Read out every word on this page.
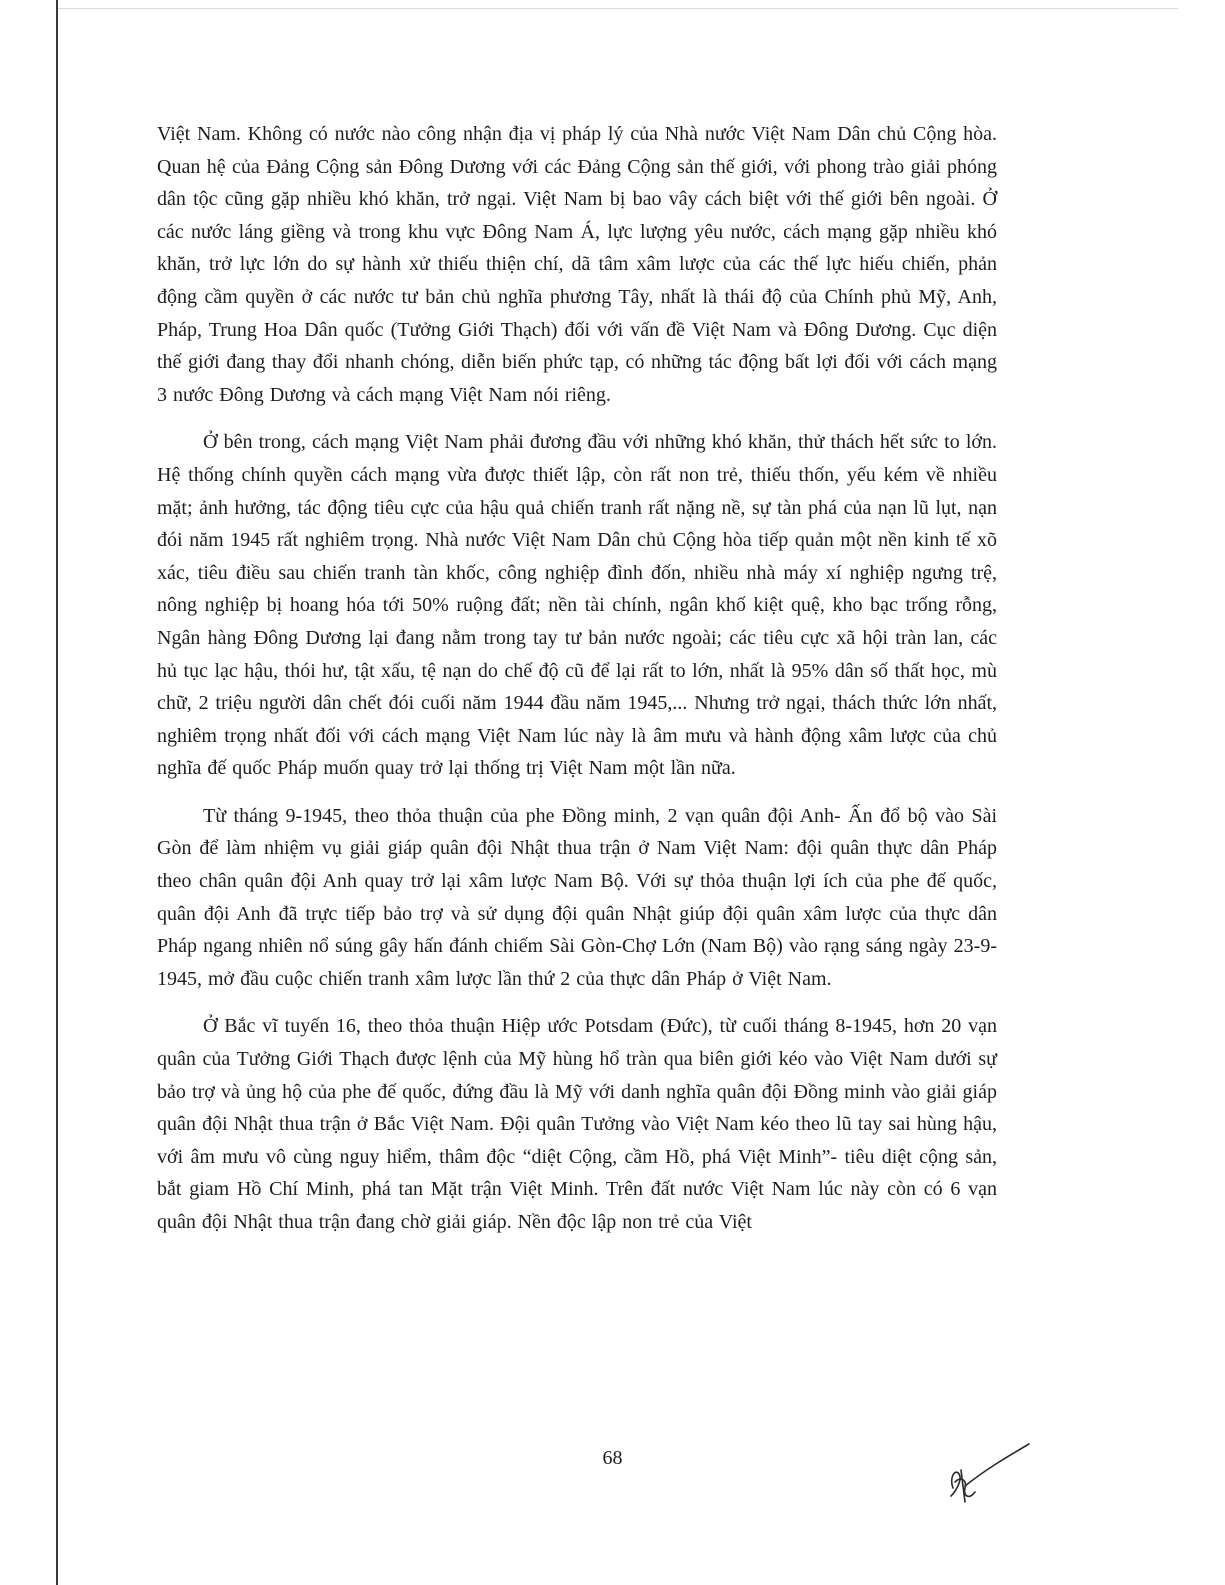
Việt Nam. Không có nước nào công nhận địa vị pháp lý của Nhà nước Việt Nam Dân chủ Cộng hòa. Quan hệ của Đảng Cộng sản Đông Dương với các Đảng Cộng sản thế giới, với phong trào giải phóng dân tộc cũng gặp nhiều khó khăn, trở ngại. Việt Nam bị bao vây cách biệt với thế giới bên ngoài. Ở các nước láng giềng và trong khu vực Đông Nam Á, lực lượng yêu nước, cách mạng gặp nhiều khó khăn, trở lực lớn do sự hành xử thiếu thiện chí, dã tâm xâm lược của các thế lực hiếu chiến, phản động cầm quyền ở các nước tư bản chủ nghĩa phương Tây, nhất là thái độ của Chính phủ Mỹ, Anh, Pháp, Trung Hoa Dân quốc (Tưởng Giới Thạch) đối với vấn đề Việt Nam và Đông Dương. Cục diện thế giới đang thay đổi nhanh chóng, diễn biến phức tạp, có những tác động bất lợi đối với cách mạng 3 nước Đông Dương và cách mạng Việt Nam nói riêng.

Ở bên trong, cách mạng Việt Nam phải đương đầu với những khó khăn, thử thách hết sức to lớn. Hệ thống chính quyền cách mạng vừa được thiết lập, còn rất non trẻ, thiếu thốn, yếu kém về nhiều mặt; ảnh hưởng, tác động tiêu cực của hậu quả chiến tranh rất nặng nề, sự tàn phá của nạn lũ lụt, nạn đói năm 1945 rất nghiêm trọng. Nhà nước Việt Nam Dân chủ Cộng hòa tiếp quản một nền kinh tế xõ xác, tiêu điều sau chiến tranh tàn khốc, công nghiệp đình đốn, nhiều nhà máy xí nghiệp ngưng trệ, nông nghiệp bị hoang hóa tới 50% ruộng đất; nền tài chính, ngân khố kiệt quệ, kho bạc trống rỗng, Ngân hàng Đông Dương lại đang nằm trong tay tư bản nước ngoài; các tiêu cực xã hội tràn lan, các hủ tục lạc hậu, thói hư, tật xấu, tệ nạn do chế độ cũ để lại rất to lớn, nhất là 95% dân số thất học, mù chữ, 2 triệu người dân chết đói cuối năm 1944 đầu năm 1945,... Nhưng trở ngại, thách thức lớn nhất, nghiêm trọng nhất đối với cách mạng Việt Nam lúc này là âm mưu và hành động xâm lược của chủ nghĩa đế quốc Pháp muốn quay trở lại thống trị Việt Nam một lần nữa.

Từ tháng 9-1945, theo thỏa thuận của phe Đồng minh, 2 vạn quân đội Anh- Ấn đổ bộ vào Sài Gòn để làm nhiệm vụ giải giáp quân đội Nhật thua trận ở Nam Việt Nam: đội quân thực dân Pháp theo chân quân đội Anh quay trở lại xâm lược Nam Bộ. Với sự thỏa thuận lợi ích của phe đế quốc, quân đội Anh đã trực tiếp bảo trợ và sử dụng đội quân Nhật giúp đội quân xâm lược của thực dân Pháp ngang nhiên nổ súng gây hấn đánh chiếm Sài Gòn-Chợ Lớn (Nam Bộ) vào rạng sáng ngày 23-9-1945, mở đầu cuộc chiến tranh xâm lược lần thứ 2 của thực dân Pháp ở Việt Nam.

Ở Bắc vĩ tuyến 16, theo thỏa thuận Hiệp ước Potsdam (Đức), từ cuối tháng 8-1945, hơn 20 vạn quân của Tưởng Giới Thạch được lệnh của Mỹ hùng hổ tràn qua biên giới kéo vào Việt Nam dưới sự bảo trợ và ủng hộ của phe đế quốc, đứng đầu là Mỹ với danh nghĩa quân đội Đồng minh vào giải giáp quân đội Nhật thua trận ở Bắc Việt Nam. Đội quân Tưởng vào Việt Nam kéo theo lũ tay sai hùng hậu, với âm mưu vô cùng nguy hiểm, thâm độc “diệt Cộng, cầm Hồ, phá Việt Minh”- tiêu diệt cộng sản, bắt giam Hồ Chí Minh, phá tan Mặt trận Việt Minh. Trên đất nước Việt Nam lúc này còn có 6 vạn quân đội Nhật thua trận đang chờ giải giáp. Nền độc lập non trẻ của Việt

68
